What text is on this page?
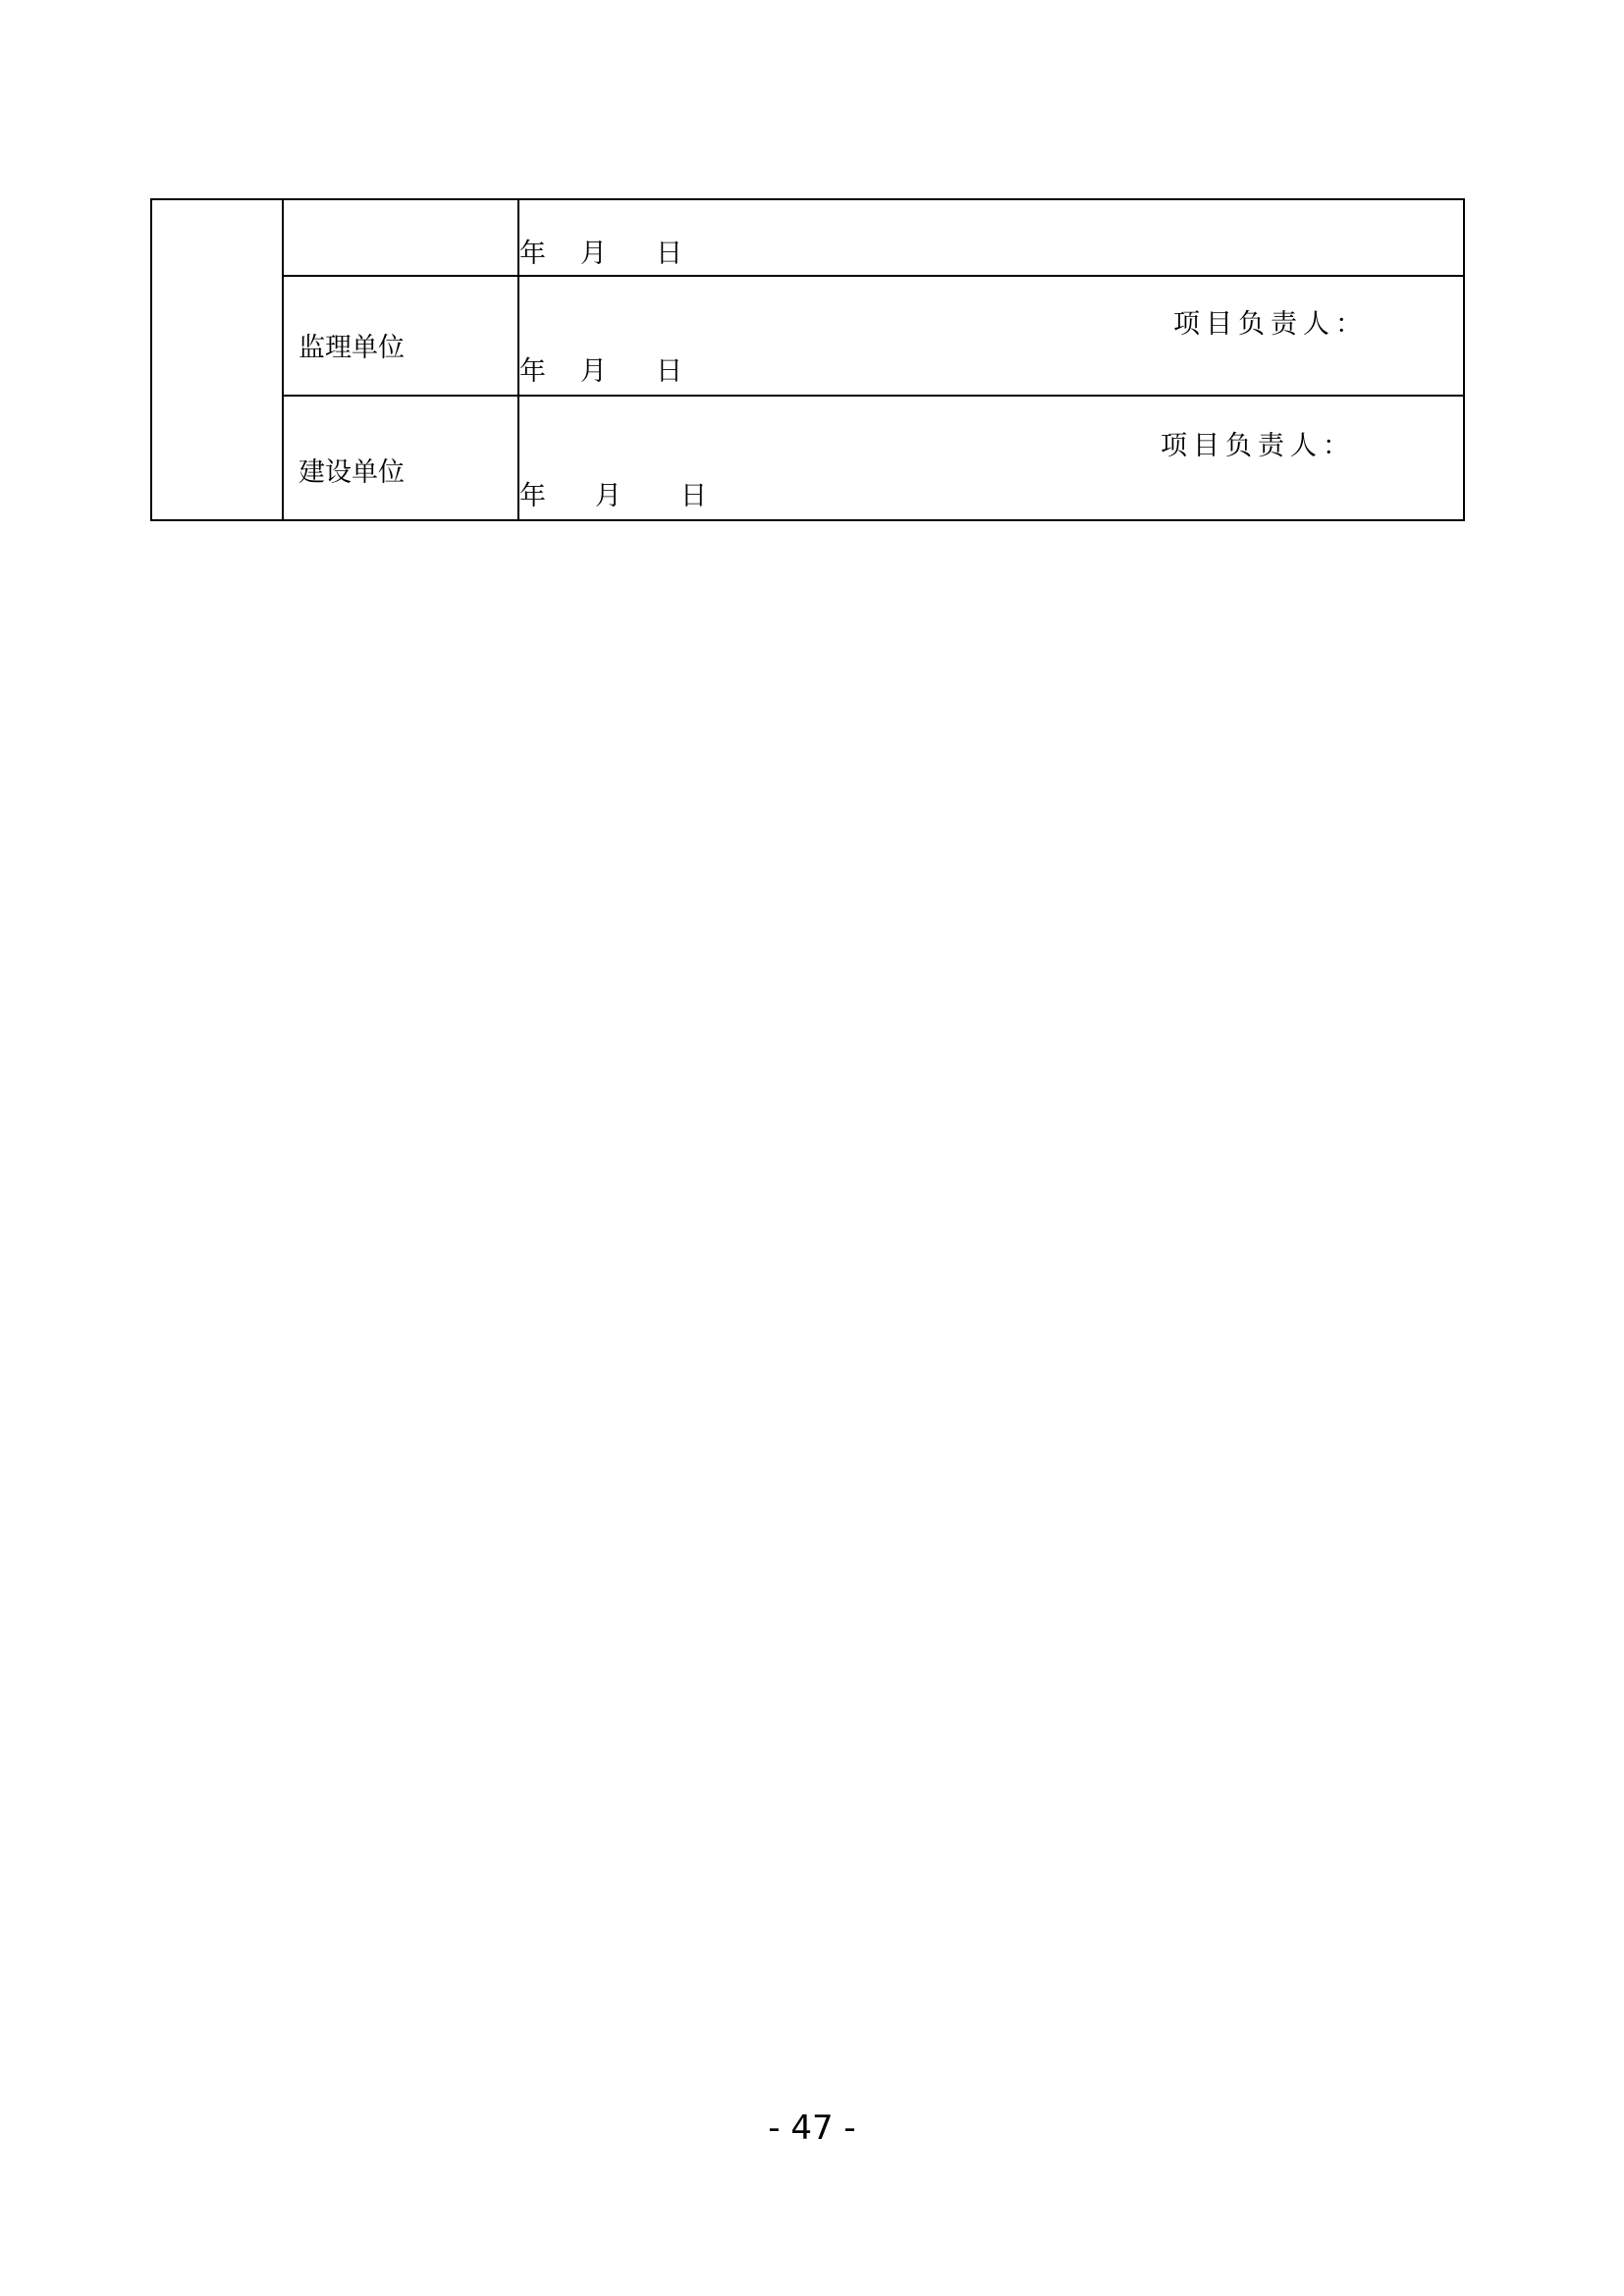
		年 月 日

	监理单位	项目负责人：
年 月 日

	建设单位	项目负责人：
年 月 日
- 47 -
